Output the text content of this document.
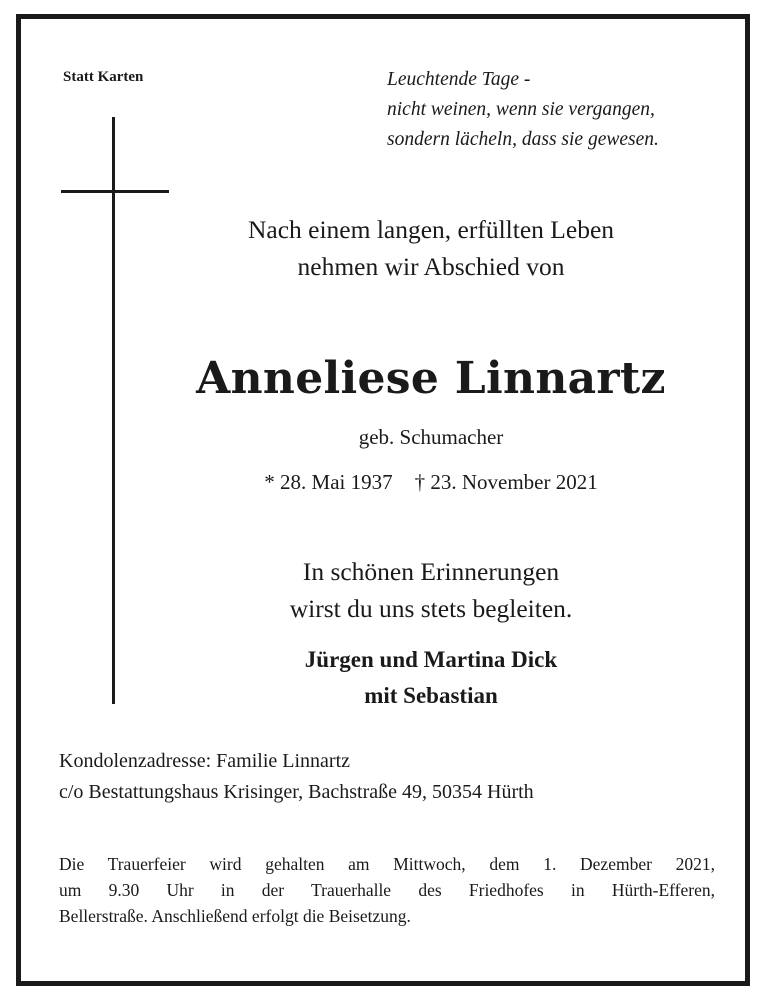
Statt Karten	Leuchtende Tage -
nicht weinen, wenn sie vergangen,
sondern lächeln, dass sie gewesen.
Nach einem langen, erfüllten Leben
nehmen wir Abschied von
Anneliese Linnartz
geb. Schumacher
* 28. Mai 1937 † 23. November 2021
In schönen Erinnerungen
wirst du uns stets begleiten.
Jürgen und Martina Dick
mit Sebastian
Kondolenzadresse: Familie Linnartz
c/o Bestattungshaus Krisinger, Bachstraße 49, 50354 Hürth
Die Trauerfeier wird gehalten am Mittwoch, dem 1. Dezember 2021,
um 9.30 Uhr in der Trauerhalle des Friedhofes in Hürth-Efferen,
Bellerstraße. Anschließend erfolgt die Beisetzung.
